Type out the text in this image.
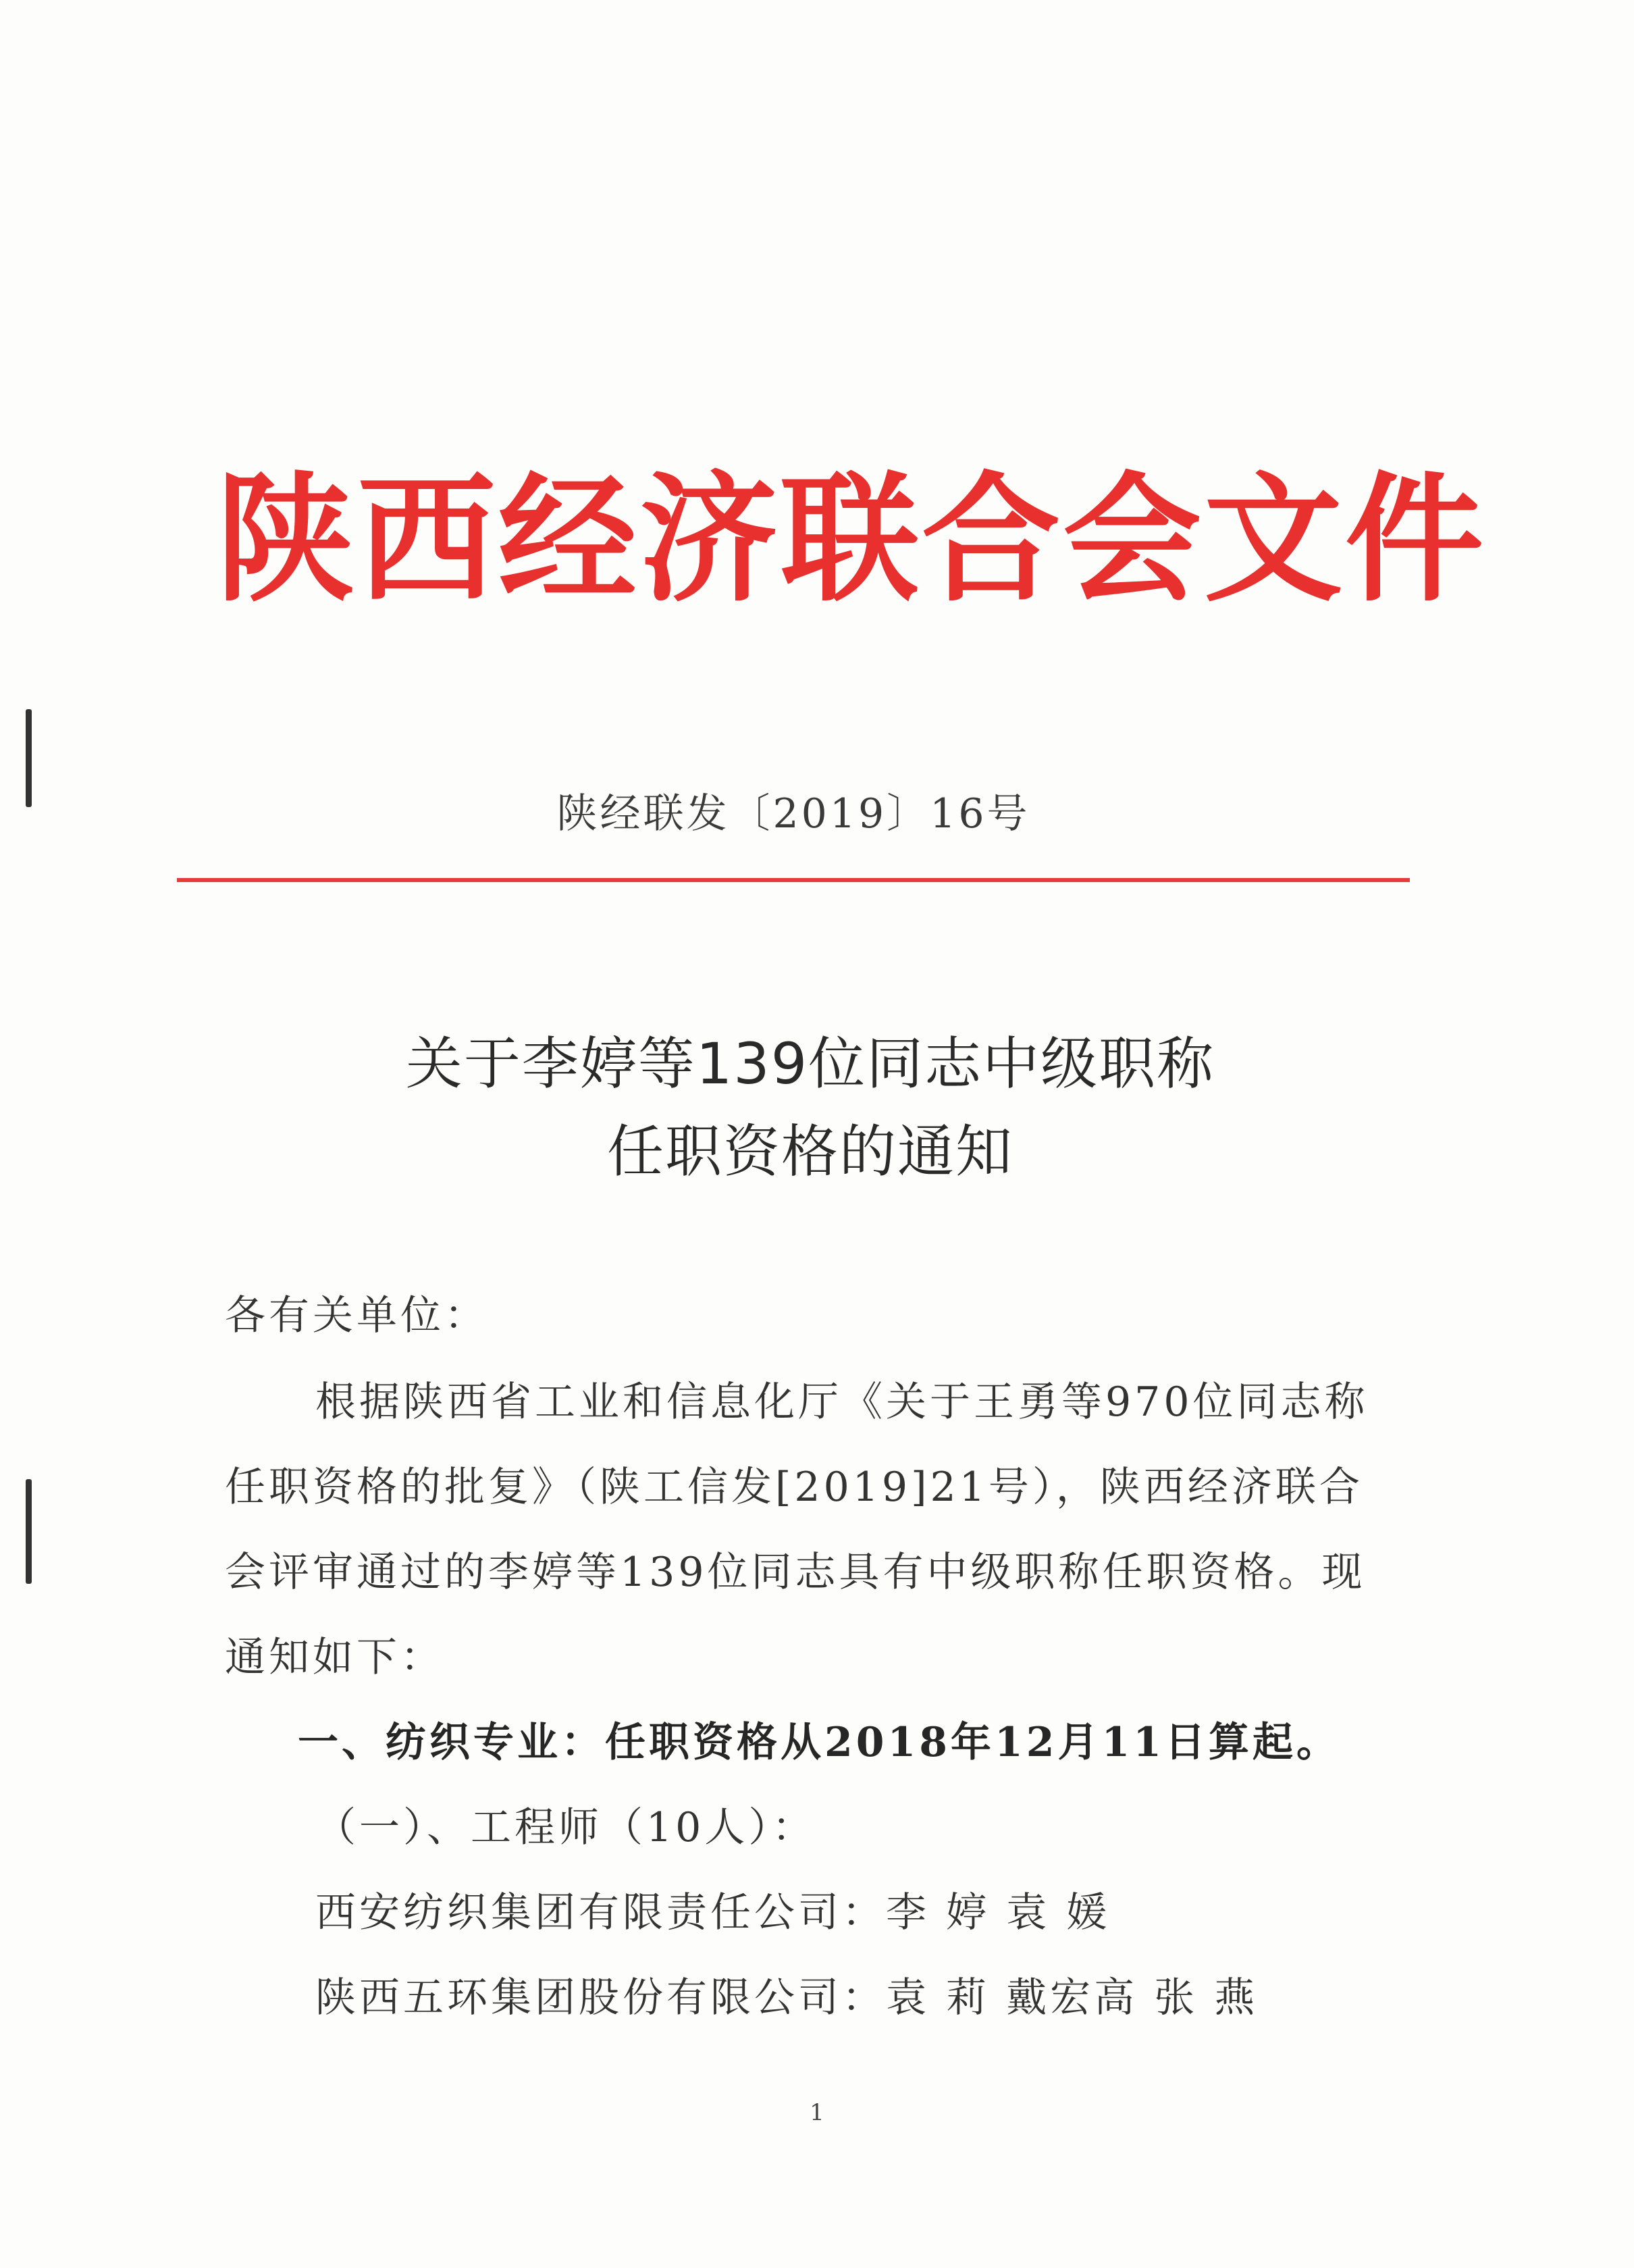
陕西经济联合会文件
陕经联发〔2019〕16号
关于李婷等139位同志中级职称
任职资格的通知
各有关单位：
根据陕西省工业和信息化厅《关于王勇等970位同志称
任职资格的批复》（陕工信发[2019]21号），陕西经济联合
会评审通过的李婷等139位同志具有中级职称任职资格。现
通知如下：
一、纺织专业：任职资格从2018年12月11日算起。
（一）、工程师（10人）：
西安纺织集团有限责任公司：李 婷 袁 媛
陕西五环集团股份有限公司：袁 莉 戴宏高 张 燕
1
